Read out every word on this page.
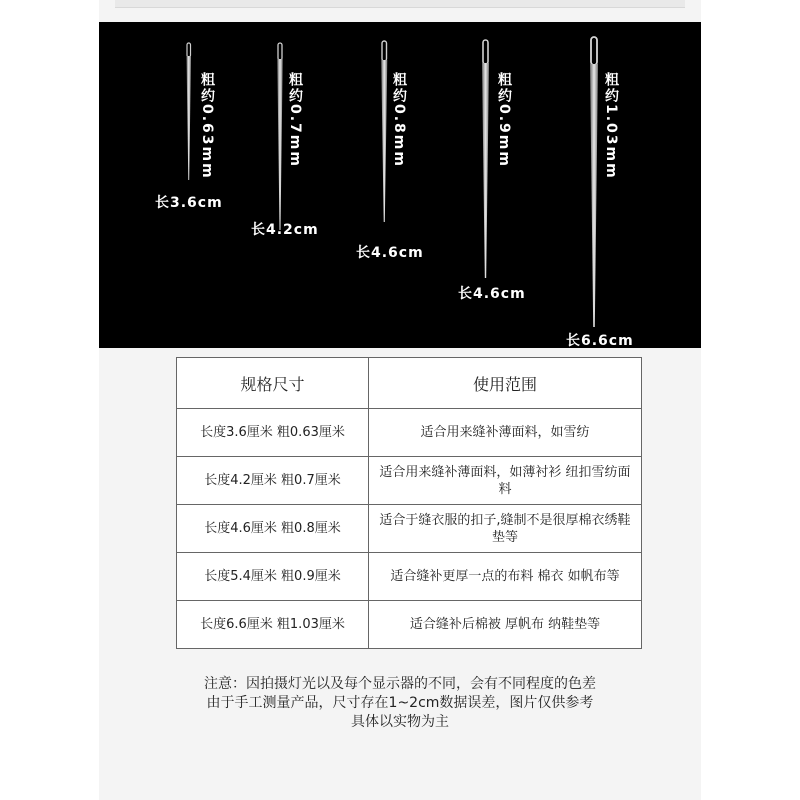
粗约0.63mm	粗约0.7mm	粗约0.8mm	粗约0.9mm	粗约1.03mm
长3.6cm
长4.2cm
长4.6cm
长4.6cm
长6.6cm
规格尺寸	使用范围
长度3.6厘米 粗0.63厘米	适合用来缝补薄面料，如雪纺
长度4.2厘米 粗0.7厘米	适合用来缝补薄面料，如薄衬衫 纽扣雪纺面料
长度4.6厘米 粗0.8厘米	适合于缝衣服的扣子,缝制不是很厚棉衣绣鞋垫等
长度5.4厘米 粗0.9厘米	适合缝补更厚一点的布料 棉衣 如帆布等
长度6.6厘米 粗1.03厘米	适合缝补后棉被 厚帆布 纳鞋垫等
注意：因拍摄灯光以及每个显示器的不同，会有不同程度的色差
由于手工测量产品，尺寸存在1~2cm数据误差，图片仅供参考
具体以实物为主
